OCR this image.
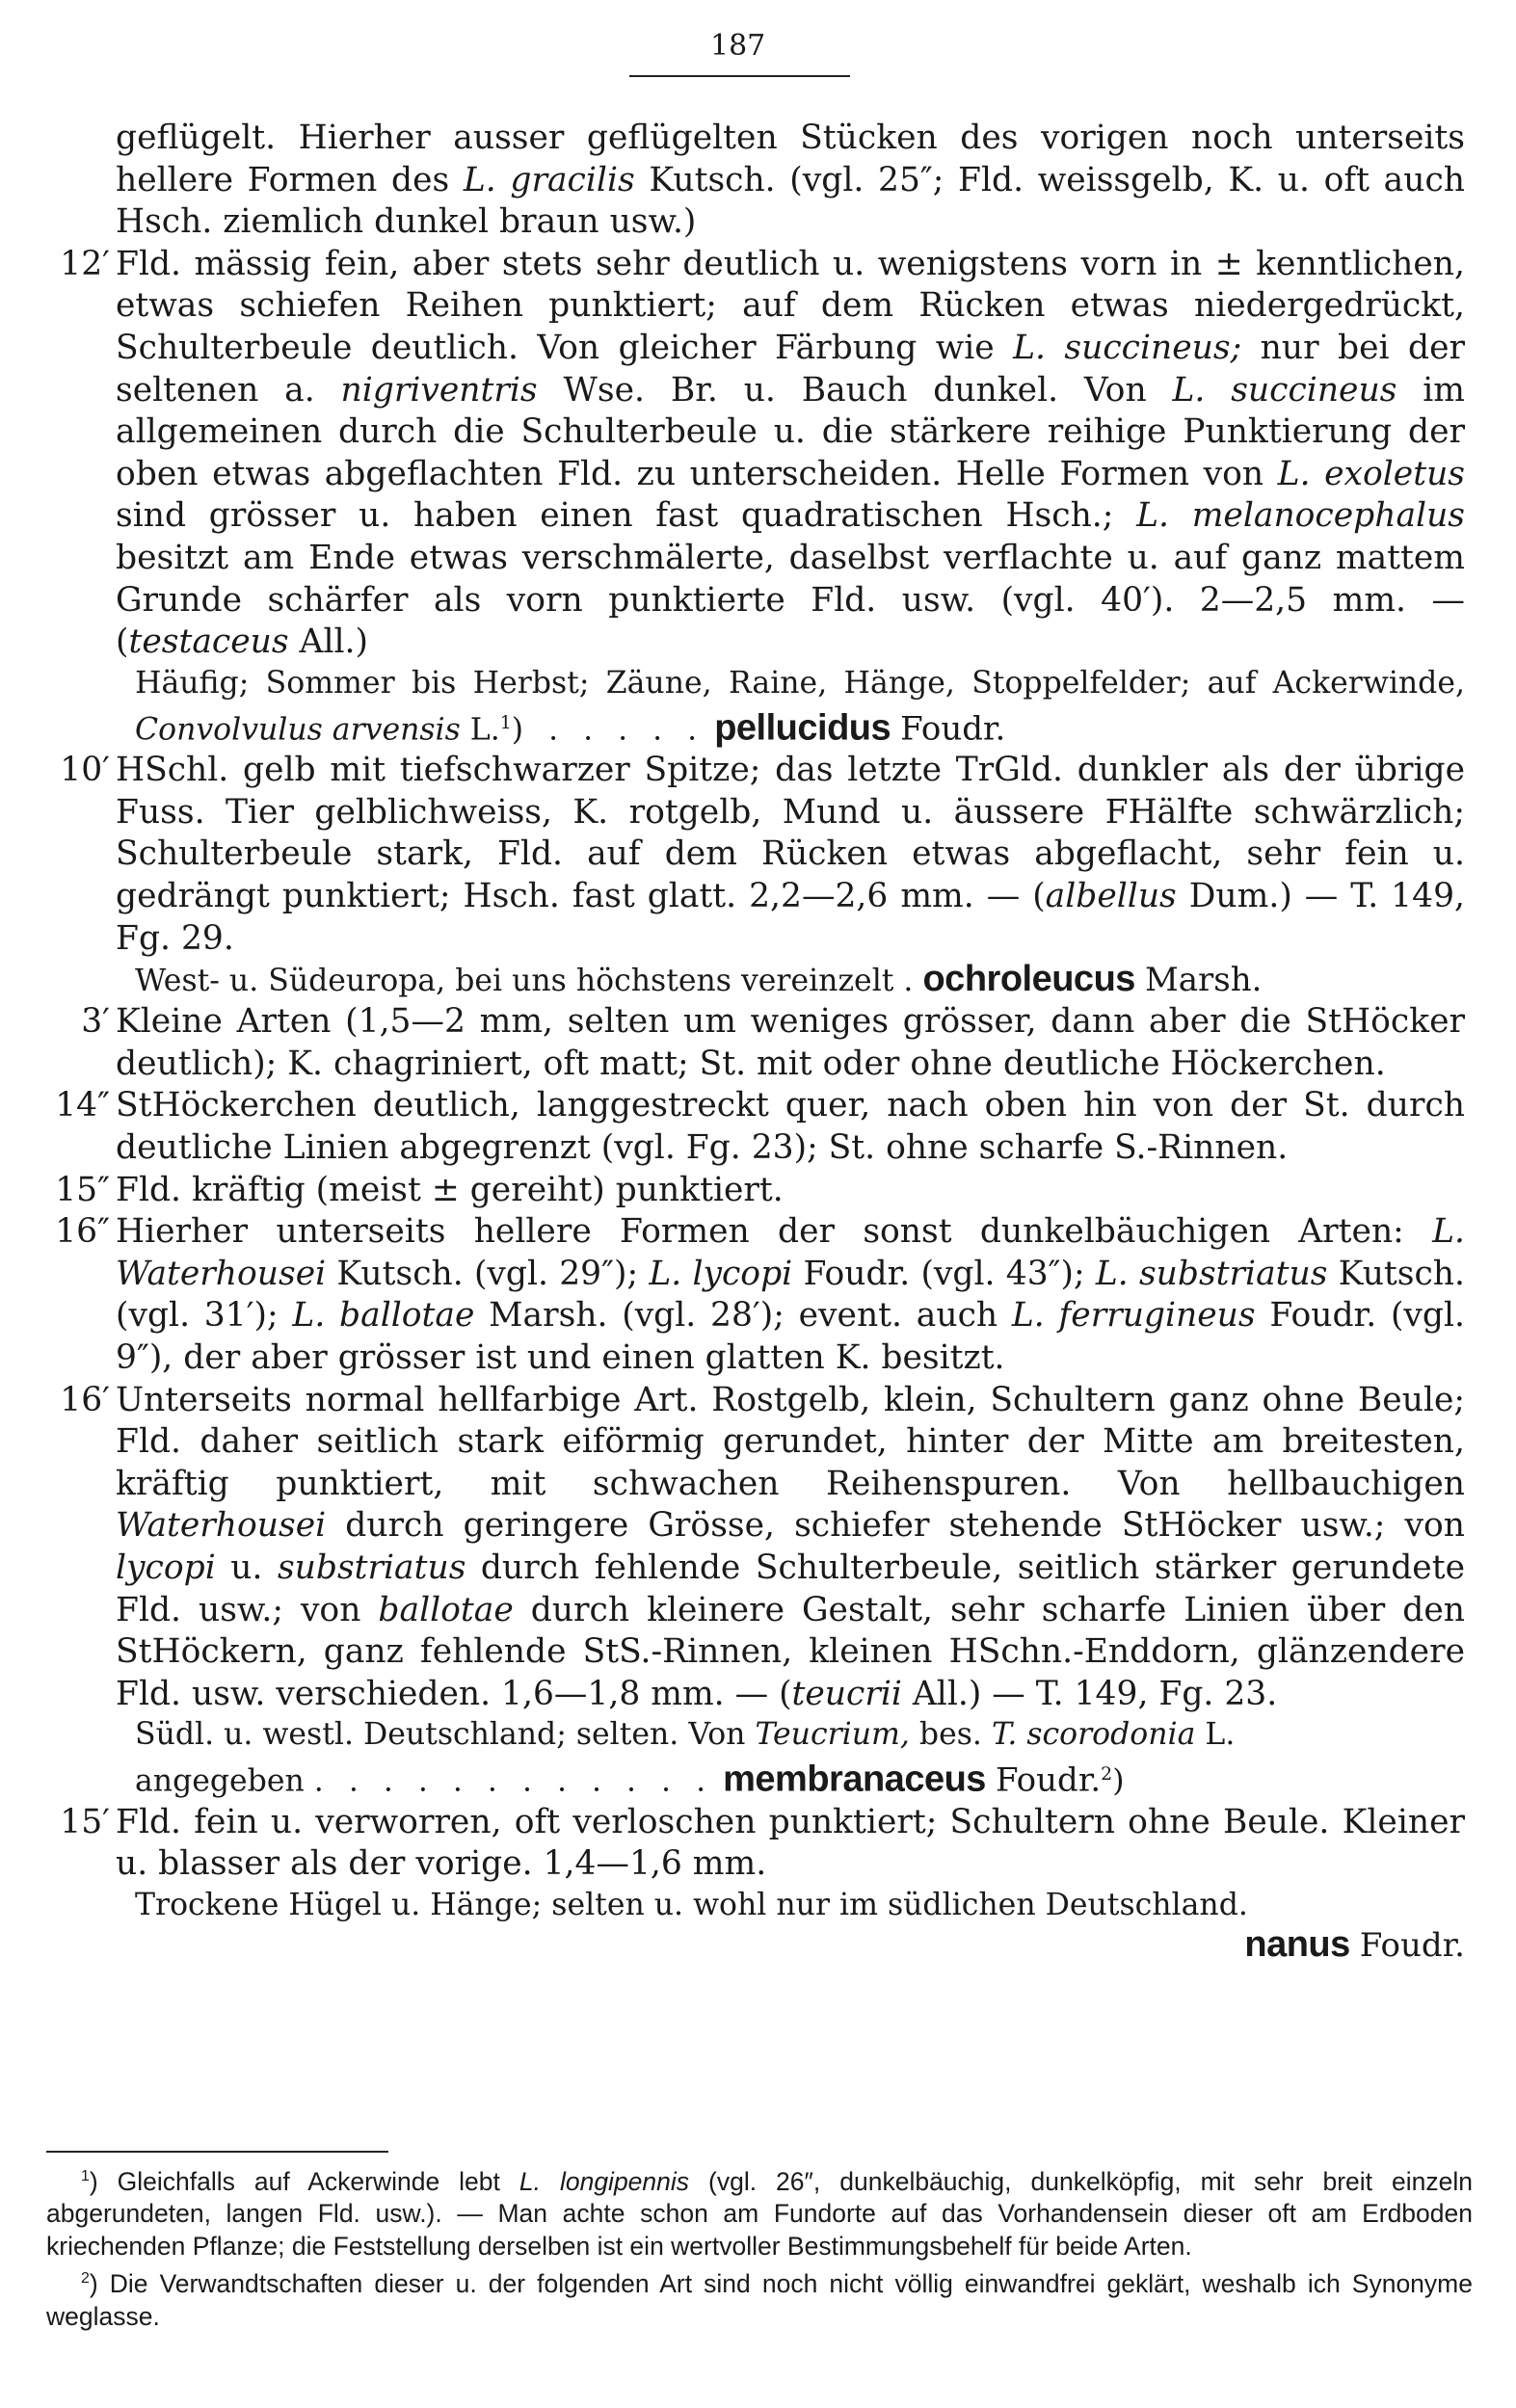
187
geflügelt. Hierher ausser geflügelten Stücken des vorigen noch unterseits hellere Formen des L. gracilis Kutsch. (vgl. 25″; Fld. weissgelb, K. u. oft auch Hsch. ziemlich dunkel braun usw.)
12′ Fld. mässig fein, aber stets sehr deutlich u. wenigstens vorn in ± kenntlichen, etwas schiefen Reihen punktiert; auf dem Rücken etwas niedergedrückt, Schulterbeule deutlich. Von gleicher Färbung wie L. succineus; nur bei der seltenen a. nigriventris Wse. Br. u. Bauch dunkel. Von L. succineus im allgemeinen durch die Schulterbeule u. die stärkere reihige Punktierung der oben etwas abgeflachten Fld. zu unterscheiden. Helle Formen von L. exoletus sind grösser u. haben einen fast quadratischen Hsch.; L. melanocephalus besitzt am Ende etwas verschmälerte, daselbst verflachte u. auf ganz mattem Grunde schärfer als vorn punktierte Fld. usw. (vgl. 40′). 2—2,5 mm. — (testaceus All.)
Häufig; Sommer bis Herbst; Zäune, Raine, Hänge, Stoppelfelder; auf Ackerwinde, Convolvulus arvensis L.$^1$) . . . . . pellucidus Foudr.
10′ HSchl. gelb mit tiefschwarzer Spitze; das letzte TrGld. dunkler als der übrige Fuss. Tier gelblichweiss, K. rotgelb, Mund u. äussere FHälfte schwärzlich; Schulterbeule stark, Fld. auf dem Rücken etwas abgeflacht, sehr fein u. gedrängt punktiert; Hsch. fast glatt. 2,2—2,6 mm. — (albellus Dum.) — T. 149, Fg. 29.
West- u. Südeuropa, bei uns höchstens vereinzelt . ochroleucus Marsh.
3′ Kleine Arten (1,5—2 mm, selten um weniges grösser, dann aber die StHöcker deutlich); K. chagriniert, oft matt; St. mit oder ohne deutliche Höckerchen.
14″ StHöckerchen deutlich, langgestreckt quer, nach oben hin von der St. durch deutliche Linien abgegrenzt (vgl. Fg. 23); St. ohne scharfe S.-Rinnen.
15″ Fld. kräftig (meist ± gereiht) punktiert.
16″ Hierher unterseits hellere Formen der sonst dunkelbäuchigen Arten: L. Waterhousei Kutsch. (vgl. 29″); L. lycopi Foudr. (vgl. 43″); L. substriatus Kutsch. (vgl. 31′); L. ballotae Marsh. (vgl. 28′); event. auch L. ferrugineus Foudr. (vgl. 9″), der aber grösser ist und einen glatten K. besitzt.
16′ Unterseits normal hellfarbige Art. Rostgelb, klein, Schultern ganz ohne Beule; Fld. daher seitlich stark eiförmig gerundet, hinter der Mitte am breitesten, kräftig punktiert, mit schwachen Reihenspuren. Von hellbauchigen Waterhousei durch geringere Grösse, schiefer stehende StHöcker usw.; von lycopi u. substriatus durch fehlende Schulterbeule, seitlich stärker gerundete Fld. usw.; von ballotae durch kleinere Gestalt, sehr scharfe Linien über den StHöckern, ganz fehlende StS.-Rinnen, kleinen HSchn.-Enddorn, glänzendere Fld. usw. verschieden. 1,6—1,8 mm. — (teucrii All.) — T. 149, Fg. 23.
Südl. u. westl. Deutschland; selten. Von Teucrium, bes. T. scorodonia L.
angegeben . . . . . . . . . . . . membranaceus Foudr.$^2$)
15′ Fld. fein u. verworren, oft verloschen punktiert; Schultern ohne Beule. Kleiner u. blasser als der vorige. 1,4—1,6 mm.
Trockene Hügel u. Hänge; selten u. wohl nur im südlichen Deutschland.
nanus Foudr.
$^1$) Gleichfalls auf Ackerwinde lebt L. longipennis (vgl. 26″, dunkelbäuchig, dunkelköpfig, mit sehr breit einzeln abgerundeten, langen Fld. usw.). — Man achte schon am Fundorte auf das Vorhandensein dieser oft am Erdboden kriechenden Pflanze; die Feststellung derselben ist ein wertvoller Bestimmungsbehelf für beide Arten.
$^2$) Die Verwandtschaften dieser u. der folgenden Art sind noch nicht völlig einwandfrei geklärt, weshalb ich Synonyme weglasse.
